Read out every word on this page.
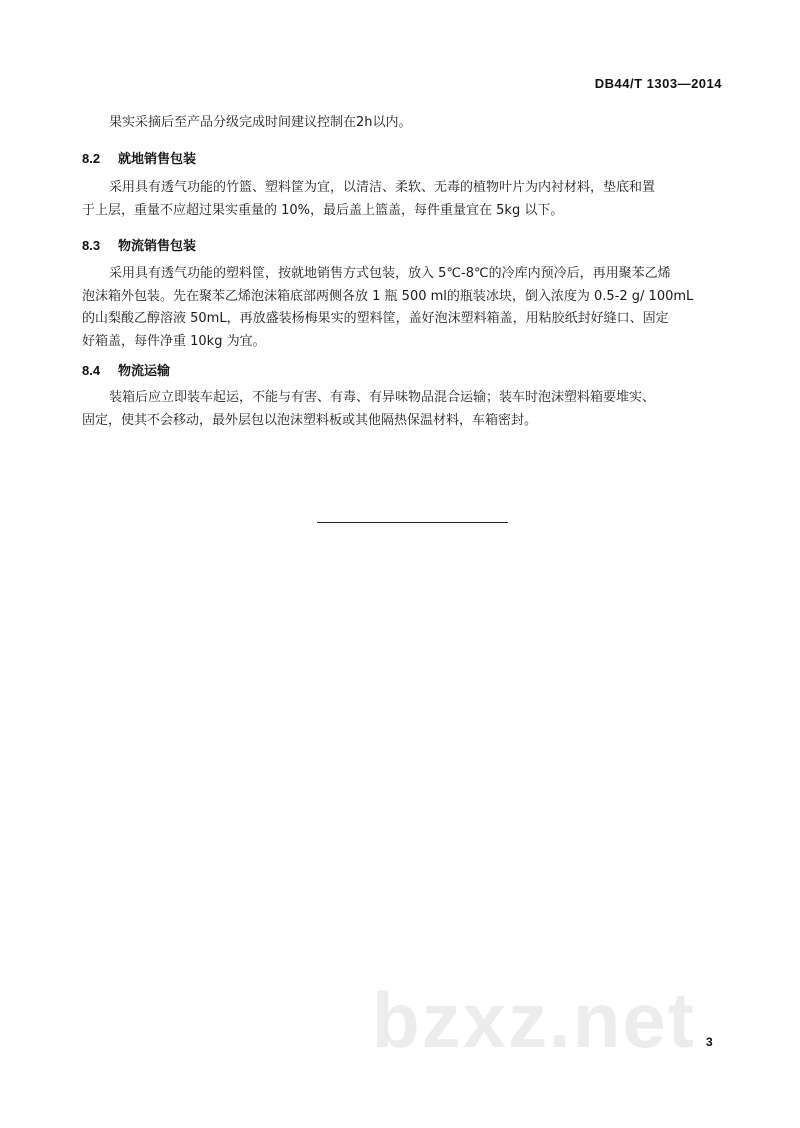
DB44/T 1303—2014
果实采摘后至产品分级完成时间建议控制在2h以内。
8.2 就地销售包装
采用具有透气功能的竹篮、塑料筐为宜，以清洁、柔软、无毒的植物叶片为内衬材料，垫底和置
于上层，重量不应超过果实重量的 10%，最后盖上篮盖，每件重量宜在 5kg 以下。
8.3 物流销售包装
采用具有透气功能的塑料筐，按就地销售方式包装，放入 5℃-8℃的冷库内预冷后，再用聚苯乙烯
泡沫箱外包装。先在聚苯乙烯泡沫箱底部两侧各放 1 瓶 500 ml的瓶装冰块，倒入浓度为 0.5-2 g/ 100mL
的山梨酸乙醇溶液 50mL，再放盛装杨梅果实的塑料筐，盖好泡沫塑料箱盖，用粘胶纸封好缝口、固定
好箱盖，每件净重 10kg 为宜。
8.4 物流运输
装箱后应立即装车起运，不能与有害、有毒、有异味物品混合运输；装车时泡沫塑料箱要堆实、
固定，使其不会移动，最外层包以泡沫塑料板或其他隔热保温材料，车箱密封。
bzxz.net 3
